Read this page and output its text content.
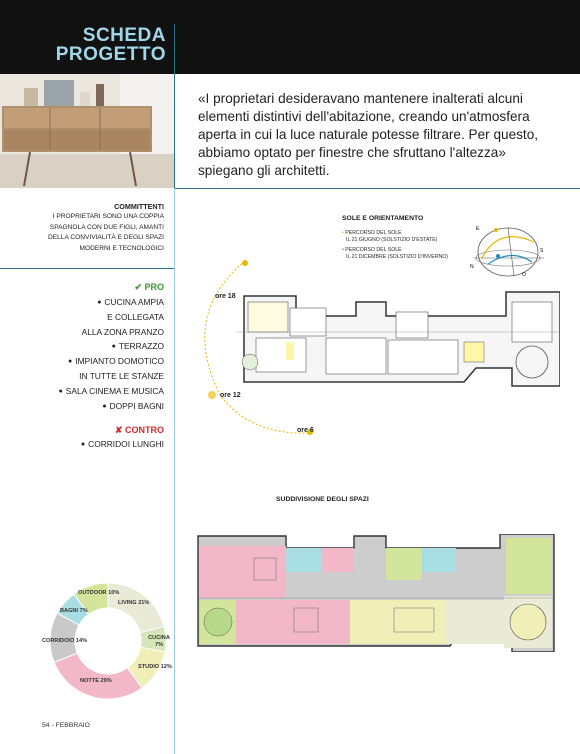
SCHEDA
PROGETTO
«I proprietari desideravano mantenere inalterati alcuni elementi distintivi dell'abitazione, creando un'atmosfera aperta in cui la luce naturale potesse filtrare. Per questo, abbiamo optato per finestre che sfruttano l'altezza» spiegano gli architetti.
COMMITTENTI
I PROPRIETARI SONO UNA COPPIA
SPAGNOLA CON DUE FIGLI, AMANTI
DELLA CONVIVIALITÀ E DEGLI SPAZI
MODERNI E TECNOLOGICI
✔ PRO
● CUCINA AMPIA
E COLLEGATA
ALLA ZONA PRANZO
● TERRAZZO
● IMPIANTO DOMOTICO
IN TUTTE LE STANZE
● SALA CINEMA E MUSICA
● DOPPI BAGNI
✘ CONTRO
● CORRIDOI LUNGHI
SOLE E ORIENTAMENTO
• PERCORSO DEL SOLE
IL 21 GIUGNO (SOLSTIZIO D'ESTATE)
• PERCORSO DEL SOLE
IL 21 DICEMBRE (SOLSTIZIO D'INVERNO)
E
S
N
O
ore 18
ore 12
ore 6
SUDDIVISIONE DEGLI SPAZI
LIVING 21%
CUCINA 7%
STUDIO 12%
NOTTE 29%
CORRIDOIO 14%
BAGNI 7%
OUTDOOR 10%
54 - FEBBRAIO
